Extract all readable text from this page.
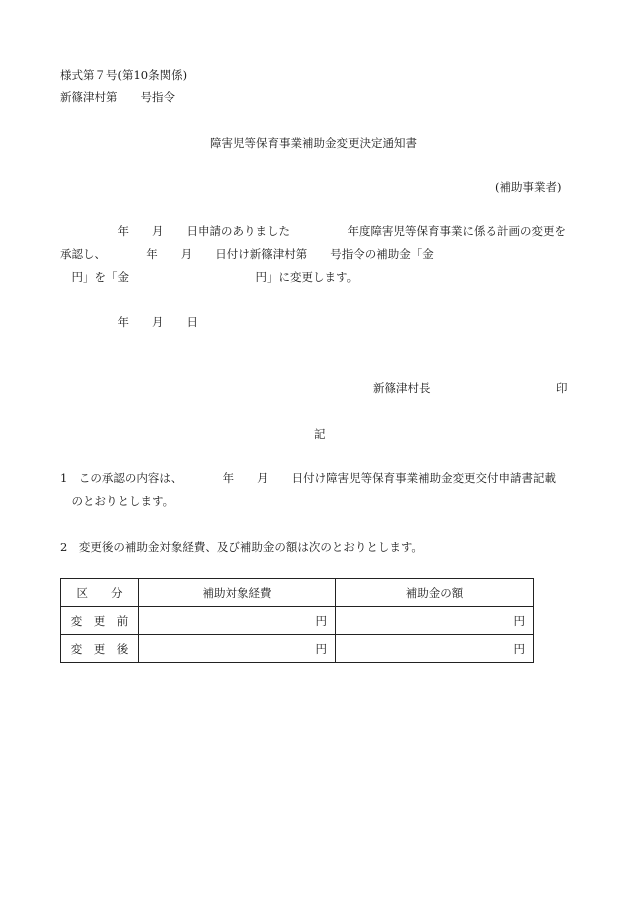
様式第７号(第10条関係)
新篠津村第　　号指令
障害児等保育事業補助金変更決定通知書
(補助事業者)
　　　　　年　　月　　日申請のありました　　　　　年度障害児等保育事業に係る計画の変更を
承認し、　　　　年　　月　　日付け新篠津村第　　号指令の補助金「金
　円」を「金　　　　　　　　　　　円」に変更します。
　　　　　年　　月　　日
新篠津村長	印
記
1　この承認の内容は、　　　　年　　月　　日付け障害児等保育事業補助金変更交付申請書記載
　のとおりとします。
2　変更後の補助金対象経費、及び補助金の額は次のとおりとします。
区　　分	補助対象経費	補助金の額
変　更　前	円	円
変　更　後	円	円
